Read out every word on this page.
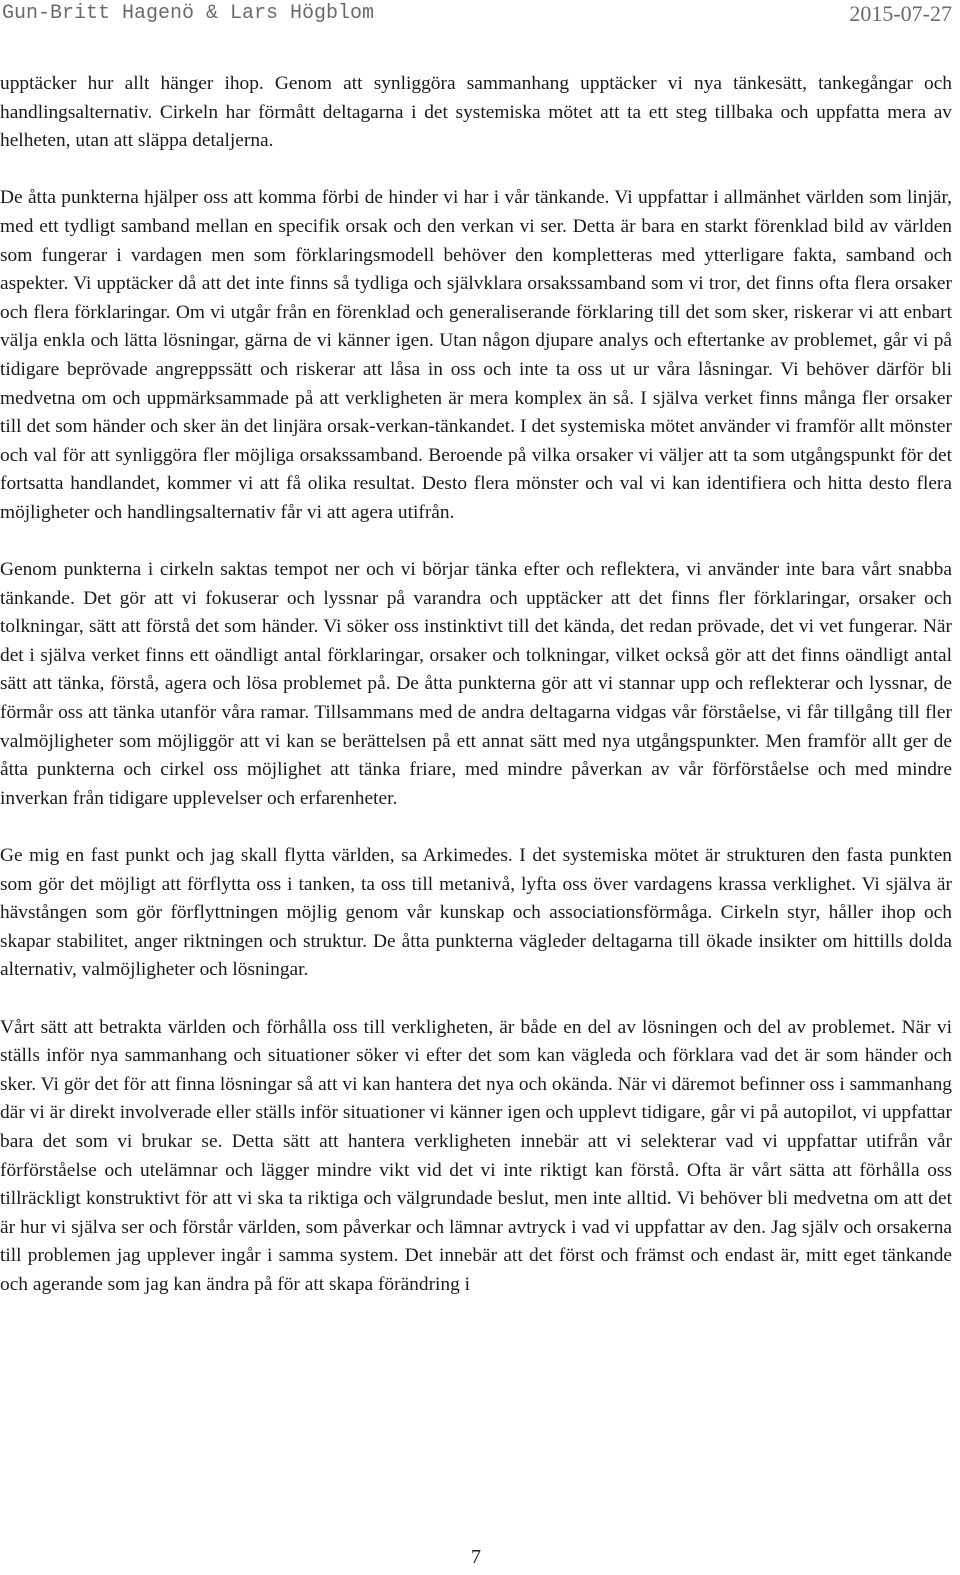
Gun-Britt Hagenö & Lars Högblom	2015-07-27

upptäcker hur allt hänger ihop. Genom att synliggöra sammanhang upptäcker vi nya tänkesätt, tankegångar och handlingsalternativ. Cirkeln har förmått deltagarna i det systemiska mötet att ta ett steg tillbaka och uppfatta mera av helheten, utan att släppa detaljerna.

De åtta punkterna hjälper oss att komma förbi de hinder vi har i vår tänkande. Vi uppfattar i allmänhet världen som linjär, med ett tydligt samband mellan en specifik orsak och den verkan vi ser. Detta är bara en starkt förenklad bild av världen som fungerar i vardagen men som förklaringsmodell behöver den kompletteras med ytterligare fakta, samband och aspekter. Vi upptäcker då att det inte finns så tydliga och självklara orsakssamband som vi tror, det finns ofta flera orsaker och flera förklaringar. Om vi utgår från en förenklad och generaliserande förklaring till det som sker, riskerar vi att enbart välja enkla och lätta lösningar, gärna de vi känner igen. Utan någon djupare analys och eftertanke av problemet, går vi på tidigare beprövade angreppssätt och riskerar att låsa in oss och inte ta oss ut ur våra låsningar. Vi behöver därför bli medvetna om och uppmärksammade på att verkligheten är mera komplex än så. I själva verket finns många fler orsaker till det som händer och sker än det linjära orsak-verkan-tänkandet. I det systemiska mötet använder vi framför allt mönster och val för att synliggöra fler möjliga orsakssamband. Beroende på vilka orsaker vi väljer att ta som utgångspunkt för det fortsatta handlandet, kommer vi att få olika resultat. Desto flera mönster och val vi kan identifiera och hitta desto flera möjligheter och handlingsalternativ får vi att agera utifrån.

Genom punkterna i cirkeln saktas tempot ner och vi börjar tänka efter och reflektera, vi använder inte bara vårt snabba tänkande. Det gör att vi fokuserar och lyssnar på varandra och upptäcker att det finns fler förklaringar, orsaker och tolkningar, sätt att förstå det som händer. Vi söker oss instinktivt till det kända, det redan prövade, det vi vet fungerar. När det i själva verket finns ett oändligt antal förklaringar, orsaker och tolkningar, vilket också gör att det finns oändligt antal sätt att tänka, förstå, agera och lösa problemet på. De åtta punkterna gör att vi stannar upp och reflekterar och lyssnar, de förmår oss att tänka utanför våra ramar. Tillsammans med de andra deltagarna vidgas vår förståelse, vi får tillgång till fler valmöjligheter som möjliggör att vi kan se berättelsen på ett annat sätt med nya utgångspunkter. Men framför allt ger de åtta punkterna och cirkel oss möjlighet att tänka friare, med mindre påverkan av vår förförståelse och med mindre inverkan från tidigare upplevelser och erfarenheter.

Ge mig en fast punkt och jag skall flytta världen, sa Arkimedes. I det systemiska mötet är strukturen den fasta punkten som gör det möjligt att förflytta oss i tanken, ta oss till metanivå, lyfta oss över vardagens krassa verklighet. Vi själva är hävstången som gör förflyttningen möjlig genom vår kunskap och associationsförmåga. Cirkeln styr, håller ihop och skapar stabilitet, anger riktningen och struktur. De åtta punkterna vägleder deltagarna till ökade insikter om hittills dolda alternativ, valmöjligheter och lösningar.

Vårt sätt att betrakta världen och förhålla oss till verkligheten, är både en del av lösningen och del av problemet. När vi ställs inför nya sammanhang och situationer söker vi efter det som kan vägleda och förklara vad det är som händer och sker. Vi gör det för att finna lösningar så att vi kan hantera det nya och okända. När vi däremot befinner oss i sammanhang där vi är direkt involverade eller ställs inför situationer vi känner igen och upplevt tidigare, går vi på autopilot, vi uppfattar bara det som vi brukar se. Detta sätt att hantera verkligheten innebär att vi selekterar vad vi uppfattar utifrån vår förförståelse och utelämnar och lägger mindre vikt vid det vi inte riktigt kan förstå. Ofta är vårt sätta att förhålla oss tillräckligt konstruktivt för att vi ska ta riktiga och välgrundade beslut, men inte alltid. Vi behöver bli medvetna om att det är hur vi själva ser och förstår världen, som påverkar och lämnar avtryck i vad vi uppfattar av den. Jag själv och orsakerna till problemen jag upplever ingår i samma system. Det innebär att det först och främst och endast är, mitt eget tänkande och agerande som jag kan ändra på för att skapa förändring i

7
